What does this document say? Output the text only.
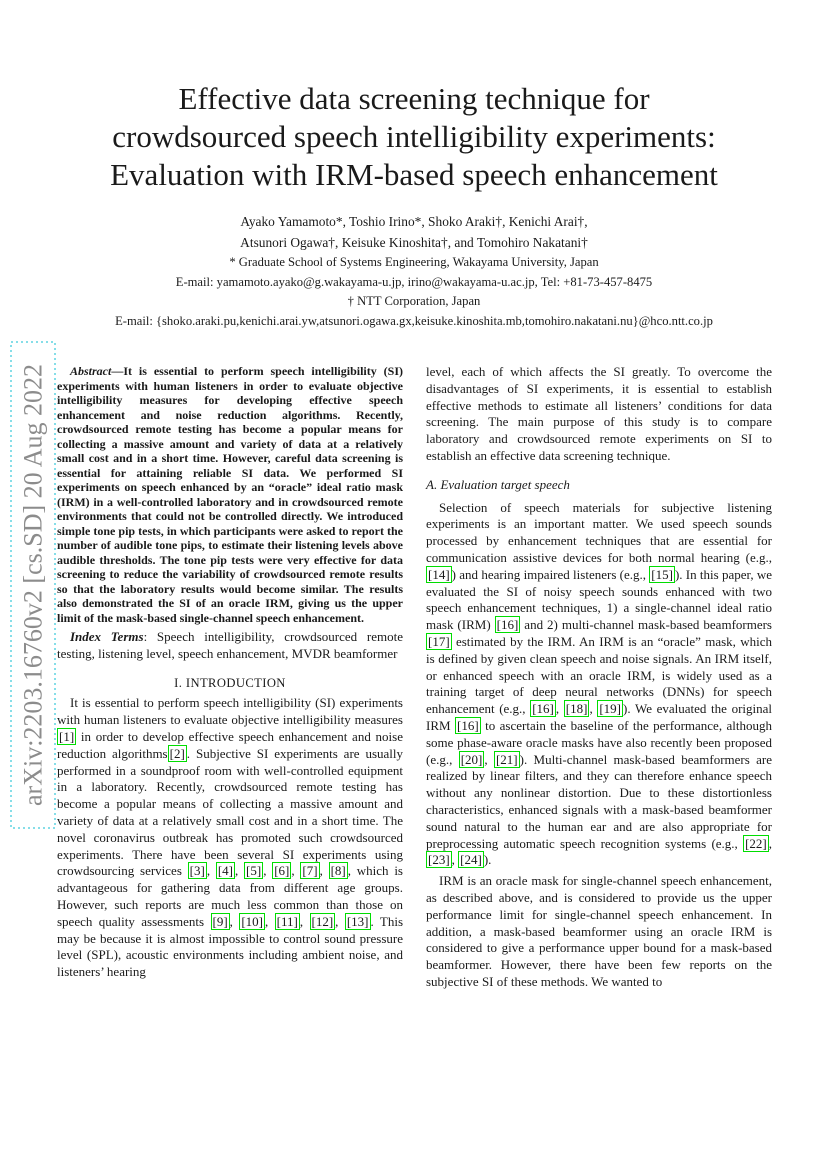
Effective data screening technique for
crowdsourced speech intelligibility experiments:
Evaluation with IRM-based speech enhancement
Ayako Yamamoto*, Toshio Irino*, Shoko Araki†, Kenichi Arai†,
Atsunori Ogawa†, Keisuke Kinoshita†, and Tomohiro Nakatani†
* Graduate School of Systems Engineering, Wakayama University, Japan
E-mail: yamamoto.ayako@g.wakayama-u.jp, irino@wakayama-u.ac.jp, Tel: +81-73-457-8475
† NTT Corporation, Japan
E-mail: {shoko.araki.pu,kenichi.arai.yw,atsunori.ogawa.gx,keisuke.kinoshita.mb,tomohiro.nakatani.nu}@hco.ntt.co.jp
arXiv:2203.16760v2 [cs.SD] 20 Aug 2022	Abstract—It is essential to perform speech intelligibility (SI) experiments with human listeners in order to evaluate objective intelligibility measures for developing effective speech enhancement and noise reduction algorithms. Recently, crowdsourced remote testing has become a popular means for collecting a massive amount and variety of data at a relatively small cost and in a short time. However, careful data screening is essential for attaining reliable SI data. We performed SI experiments on speech enhanced by an “oracle” ideal ratio mask (IRM) in a well-controlled laboratory and in crowdsourced remote environments that could not be controlled directly. We introduced simple tone pip tests, in which participants were asked to report the number of audible tone pips, to estimate their listening levels above audible thresholds. The tone pip tests were very effective for data screening to reduce the variability of crowdsourced remote results so that the laboratory results would become similar. The results also demonstrated the SI of an oracle IRM, giving us the upper limit of the mask-based single-channel speech enhancement.

Index Terms: Speech intelligibility, crowdsourced remote testing, listening level, speech enhancement, MVDR beamformer

I. INTRODUCTION

It is essential to perform speech intelligibility (SI) experiments with human listeners to evaluate objective intelligibility measures [1] in order to develop effective speech enhancement and noise reduction algorithms [2] . Subjective SI experiments are usually performed in a soundproof room with well-controlled equipment in a laboratory. Recently, crowdsourced remote testing has become a popular means of collecting a massive amount and variety of data at a relatively small cost and in a short time. The novel coronavirus outbreak has promoted such crowdsourced experiments. There have been several SI experiments using crowdsourcing services [3] , [4] , [5] , [6] , [7] , [8] , which is advantageous for gathering data from different age groups. However, such reports are much less common than those on speech quality assessments [9] , [10] , [11] , [12] , [13] . This may be because it is almost impossible to control sound pressure level (SPL), acoustic environments including ambient noise, and listeners’ hearing

level, each of which affects the SI greatly. To overcome the disadvantages of SI experiments, it is essential to establish effective methods to estimate all listeners’ conditions for data screening. The main purpose of this study is to compare laboratory and crowdsourced remote experiments on SI to establish an effective data screening technique.

A. Evaluation target speech

Selection of speech materials for subjective listening experiments is an important matter. We used speech sounds processed by enhancement techniques that are essential for communication assistive devices for both normal hearing (e.g., [14] ) and hearing impaired listeners (e.g., [15] ). In this paper, we evaluated the SI of noisy speech sounds enhanced with two speech enhancement techniques, 1) a single-channel ideal ratio mask (IRM) [16] and 2) multi-channel mask-based beamformers [17] estimated by the IRM. An IRM is an “oracle” mask, which is defined by given clean speech and noise signals. An IRM itself, or enhanced speech with an oracle IRM, is widely used as a training target of deep neural networks (DNNs) for speech enhancement (e.g., [16] , [18] , [19] ). We evaluated the original IRM [16] to ascertain the baseline of the performance, although some phase-aware oracle masks have also recently been proposed (e.g., [20] , [21] ). Multi-channel mask-based beamformers are realized by linear filters, and they can therefore enhance speech without any nonlinear distortion. Due to these distortionless characteristics, enhanced signals with a mask-based beamformer sound natural to the human ear and are also appropriate for preprocessing automatic speech recognition systems (e.g., [22] , [23] , [24] ).

IRM is an oracle mask for single-channel speech enhancement, as described above, and is considered to provide us the upper performance limit for single-channel speech enhancement. In addition, a mask-based beamformer using an oracle IRM is considered to give a performance upper bound for a mask-based beamformer. However, there have been few reports on the subjective SI of these methods. We wanted to
